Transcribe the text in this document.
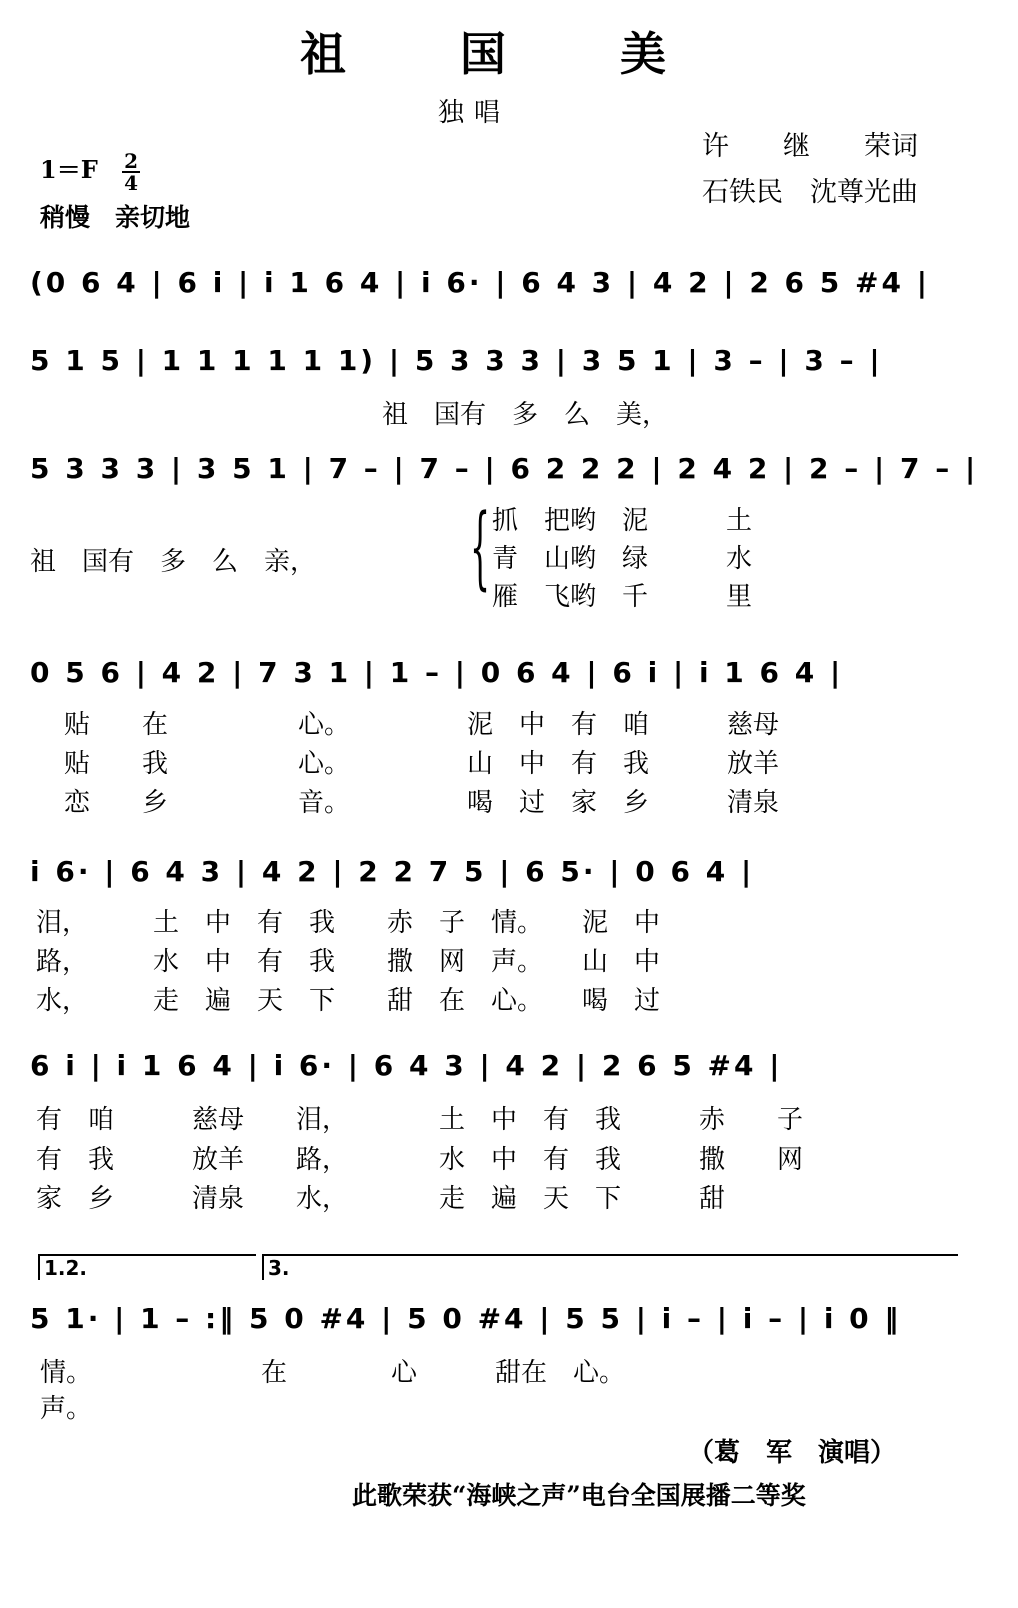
祖 国 美
独唱
许　　继　　荣词
石铁民　沈尊光曲
$1=F \frac{2}{4}$
稍慢　亲切地
(0 6 4 | 6 i | i 1 6 4 | i 6· | 6 4 3 | 4 2 | 2 6 5 #4 |
5 1 5 | 1 1 1 1 1 1) | 5 3 3 3 | 3 5 1 | 3 – | 3 – |
5 3 3 3 | 3 5 1 | 7 – | 7 – | 6 2 2 2 | 2 4 2 | 2 – | 7 – |
0 5 6 | 4 2 | 7 3 1 | 1 – | 0 6 4 | 6 i | i 1 6 4 |
i 6· | 6 4 3 | 4 2 | 2 2 7 5 | 6 5· | 0 6 4 |
6 i | i 1 6 4 | i 6· | 6 4 3 | 4 2 | 2 6 5 #4 |
5 1· | 1 – :‖ 5 0 #4 | 5 0 #4 | 5 5 | i – | i – | i 0 ‖
1.2.	3.
祖　国有　多　么　美，
祖　国有　多　么　亲， { 抓　把哟　泥　　　土
青　山哟　绿　　　水
雁　飞哟　千　　　里
贴　　在　　　　　心。　　　　　泥　中　有　咱　　　慈母
贴　　我　　　　　心。　　　　　山　中　有　我　　　放羊
恋　　乡　　　　　音。　　　　　喝　过　家　乡　　　清泉
泪，　　　土　中　有　我　　赤　子　情。　　泥　中
路，　　　水　中　有　我　　撒　网　声。　　山　中
水，　　　走　遍　天　下　　甜　在　心。　　喝　过
有　咱　　　慈母　　泪，　　　　土　中　有　我　　　赤　　子
有　我　　　放羊　　路，　　　　水　中　有　我　　　撒　　网
家　乡　　　清泉　　水，　　　　走　遍　天　下　　　甜
情。　　　　　　　在　　　　心　　　甜在　心。
声。
（葛　军　演唱）
此歌荣获“海峡之声”电台全国展播二等奖
